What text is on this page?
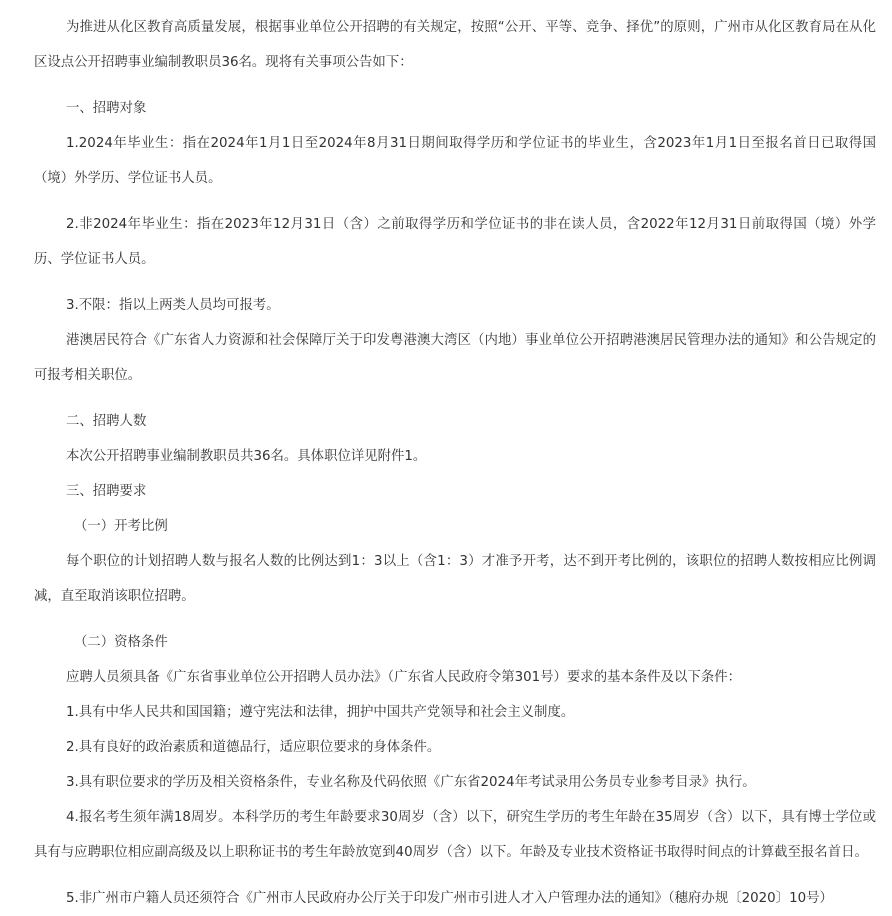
为推进从化区教育高质量发展，根据事业单位公开招聘的有关规定，按照“公开、平等、竞争、择优”的原则，广州市从化区教育局在从化区设点公开招聘事业编制教职员36名。现将有关事项公告如下：

一、招聘对象

1.2024年毕业生：指在2024年1月1日至2024年8月31日期间取得学历和学位证书的毕业生，含2023年1月1日至报名首日已取得国（境）外学历、学位证书人员。

2.非2024年毕业生：指在2023年12月31日（含）之前取得学历和学位证书的非在读人员，含2022年12月31日前取得国（境）外学历、学位证书人员。

3.不限：指以上两类人员均可报考。

港澳居民符合《广东省人力资源和社会保障厅关于印发粤港澳大湾区（内地）事业单位公开招聘港澳居民管理办法的通知》和公告规定的可报考相关职位。

二、招聘人数

本次公开招聘事业编制教职员共36名。具体职位详见附件1。

三、招聘要求

（一）开考比例

每个职位的计划招聘人数与报名人数的比例达到1：3以上（含1：3）才准予开考，达不到开考比例的，该职位的招聘人数按相应比例调减，直至取消该职位招聘。

（二）资格条件

应聘人员须具备《广东省事业单位公开招聘人员办法》（广东省人民政府令第301号）要求的基本条件及以下条件：

1.具有中华人民共和国国籍；遵守宪法和法律，拥护中国共产党领导和社会主义制度。

2.具有良好的政治素质和道德品行，适应职位要求的身体条件。

3.具有职位要求的学历及相关资格条件，专业名称及代码依照《广东省2024年考试录用公务员专业参考目录》执行。

4.报名考生须年满18周岁。本科学历的考生年龄要求30周岁（含）以下，研究生学历的考生年龄在35周岁（含）以下，具有博士学位或具有与应聘职位相应副高级及以上职称证书的考生年龄放宽到40周岁（含）以下。年龄及专业技术资格证书取得时间点的计算截至报名首日。

5.非广州市户籍人员还须符合《广州市人民政府办公厅关于印发广州市引进人才入户管理办法的通知》（穗府办规〔2020〕10号）
